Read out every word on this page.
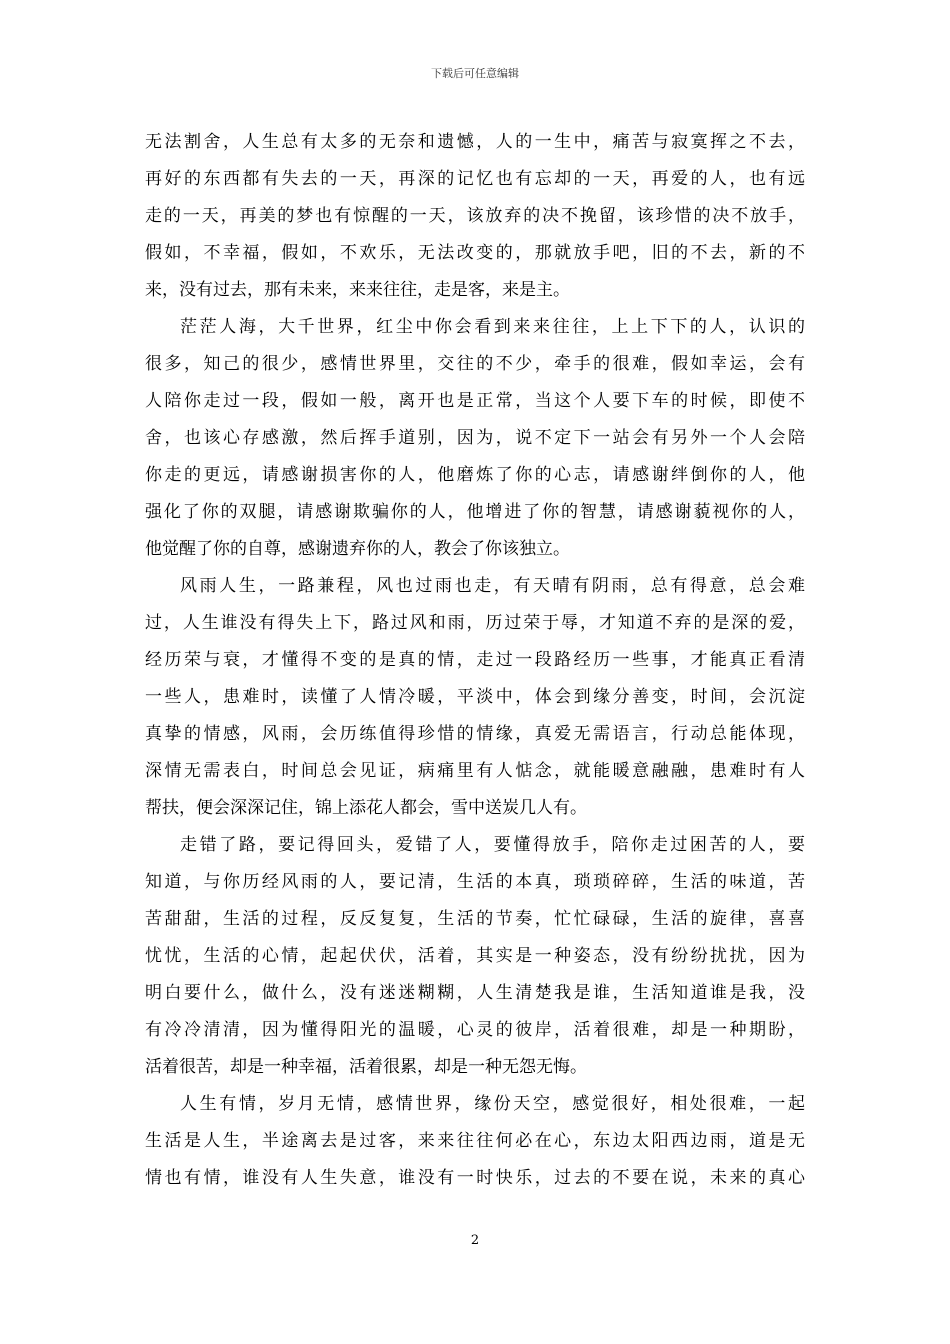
下载后可任意编辑
无法割舍，人生总有太多的无奈和遗憾，人的一生中，痛苦与寂寞挥之不去，
再好的东西都有失去的一天，再深的记忆也有忘却的一天，再爱的人，也有远
走的一天，再美的梦也有惊醒的一天，该放弃的决不挽留，该珍惜的决不放手，
假如，不幸福，假如，不欢乐，无法改变的，那就放手吧，旧的不去，新的不
来，没有过去，那有未来，来来往往，走是客，来是主。
茫茫人海，大千世界，红尘中你会看到来来往往，上上下下的人，认识的
很多，知己的很少，感情世界里，交往的不少，牵手的很难，假如幸运，会有
人陪你走过一段，假如一般，离开也是正常，当这个人要下车的时候，即使不
舍，也该心存感激，然后挥手道别，因为，说不定下一站会有另外一个人会陪
你走的更远，请感谢损害你的人，他磨炼了你的心志，请感谢绊倒你的人，他
强化了你的双腿，请感谢欺骗你的人，他增进了你的智慧，请感谢藐视你的人，
他觉醒了你的自尊，感谢遗弃你的人，教会了你该独立。
风雨人生，一路兼程，风也过雨也走，有天晴有阴雨，总有得意，总会难
过，人生谁没有得失上下，路过风和雨，历过荣于辱，才知道不弃的是深的爱，
经历荣与衰，才懂得不变的是真的情，走过一段路经历一些事，才能真正看清
一些人，患难时，读懂了人情冷暖，平淡中，体会到缘分善变，时间，会沉淀
真挚的情感，风雨，会历练值得珍惜的情缘，真爱无需语言，行动总能体现，
深情无需表白，时间总会见证，病痛里有人惦念，就能暖意融融，患难时有人
帮扶，便会深深记住，锦上添花人都会，雪中送炭几人有。
走错了路，要记得回头，爱错了人，要懂得放手，陪你走过困苦的人，要
知道，与你历经风雨的人，要记清，生活的本真，琐琐碎碎，生活的味道，苦
苦甜甜，生活的过程，反反复复，生活的节奏，忙忙碌碌，生活的旋律，喜喜
忧忧，生活的心情，起起伏伏，活着，其实是一种姿态，没有纷纷扰扰，因为
明白要什么，做什么，没有迷迷糊糊，人生清楚我是谁，生活知道谁是我，没
有冷冷清清，因为懂得阳光的温暖，心灵的彼岸，活着很难，却是一种期盼，
活着很苦，却是一种幸福，活着很累，却是一种无怨无悔。
人生有情，岁月无情，感情世界，缘份天空，感觉很好，相处很难，一起
生活是人生，半途离去是过客，来来往往何必在心，东边太阳西边雨，道是无
情也有情，谁没有人生失意，谁没有一时快乐，过去的不要在说，未来的真心
2
